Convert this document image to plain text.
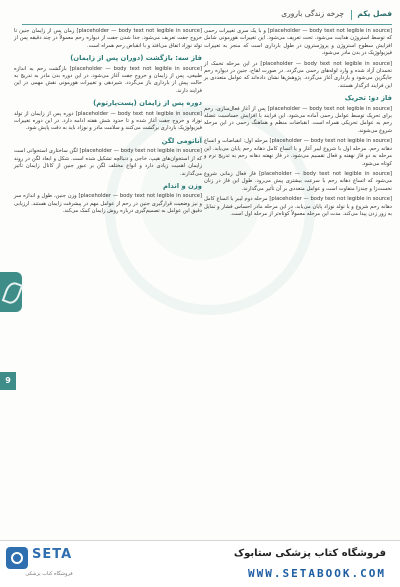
فصل یکم
چرخه زندگی باروری

[placeholder — body text not legible in source] و با یک سری تغییرات رحمی که توسط استروژن هدایت می‌شود. تحت تعریف می‌شود. این تغییرات هورمونی شامل افزایش سطوح استروژن و پروژسترون در طول بارداری است که منجر به تغییرات فیزیولوژیک در بدن مادر می‌شود.

[placeholder — body text not legible in source] در این مرحله تخمک از تخمدان آزاد شده و وارد لوله‌های رحمی می‌گردد. در صورت لقاح، جنین در دیواره رحم جایگزین می‌شود و بارداری آغاز می‌گردد. پژوهش‌ها نشان داده‌اند که عوامل متعددی بر این فرایند اثرگذار هستند.

فاز دو: تحریک

[placeholder — body text not legible in source] پس از آغاز فعال‌سازی، رحم برای تحریک توسط عوامل رحمی آماده می‌شود. این فرایند با افزایش حساسیت عضله رحم به عوامل تحریکی همراه است. انقباضات منظم و هماهنگ رحمی در این مرحله شروع می‌شوند.

[placeholder — body text not legible in source] مرحله اول: انقباضات و اتساع دهانه رحم. مرحله اول با شروع لیبر آغاز و با اتساع کامل دهانه رحم پایان می‌یابد. این مرحله به دو فاز نهفته و فعال تقسیم می‌شود. در فاز نهفته دهانه رحم به تدریج نرم و کوتاه می‌شود.

[placeholder — body text not legible in source] فاز فعال زمانی شروع می‌شود که اتساع دهانه رحم با سرعت بیشتری پیش می‌رود. طول این فاز در زنان نخست‌زا و چندزا متفاوت است و عوامل متعددی بر آن تأثیر می‌گذارند.

[placeholder — body text not legible in source] مرحله دوم لیبر با اتساع کامل دهانه رحم شروع و با تولد نوزاد پایان می‌یابد. در این مرحله مادر احساس فشار و تمایل به زور زدن پیدا می‌کند. مدت این مرحله معمولاً کوتاه‌تر از مرحله اول است.

[placeholder — body text not legible in source] زمان پس از زایمان جنین تا خروج جفت تعریف می‌شود. جدا شدن جفت از دیواره رحم معمولاً در چند دقیقه پس از تولد نوزاد اتفاق می‌افتد و با انقباض رحم همراه است.

فاز سه: بازگشت (دوران پس از زایمان)

[placeholder — body text not legible in source] بازگشت رحم به اندازه طبیعی، پس از زایمان و خروج جفت آغاز می‌شود. در این دوره بدن مادر به تدریج به حالت پیش از بارداری باز می‌گردد. شیردهی و تغییرات هورمونی نقش مهمی در این فرایند دارند.

دوره پس از زایمان (پست‌پارتوم)

[placeholder — body text not legible in source] دوره پس از زایمان از تولد نوزاد و خروج جفت آغاز شده و تا حدود شش هفته ادامه دارد. در این دوره تغییرات فیزیولوژیک بارداری برگشت می‌کنند و سلامت مادر و نوزاد باید به دقت پایش شود.

آناتومی لگن

[placeholder — body text not legible in source] لگن ساختاری استخوانی است که از استخوان‌های هیپ، خاجی و دنبالچه تشکیل شده است. شکل و ابعاد لگن در روند زایمان اهمیت زیادی دارد و انواع مختلف لگن بر عبور جنین از کانال زایمان تأثیر می‌گذارند.

وزن و اندام

[placeholder — body text not legible in source] وزن جنین، طول و اندازه سر و نیز وضعیت قرارگیری جنین در رحم از عوامل مهم در پیشرفت زایمان هستند. ارزیابی دقیق این عوامل به تصمیم‌گیری درباره روش زایمان کمک می‌کند.

9
SETA
فروشگاه کتاب پزشکی
فروشگاه کتاب پزشکی ستابوک
WWW.SETABOOK.COM
